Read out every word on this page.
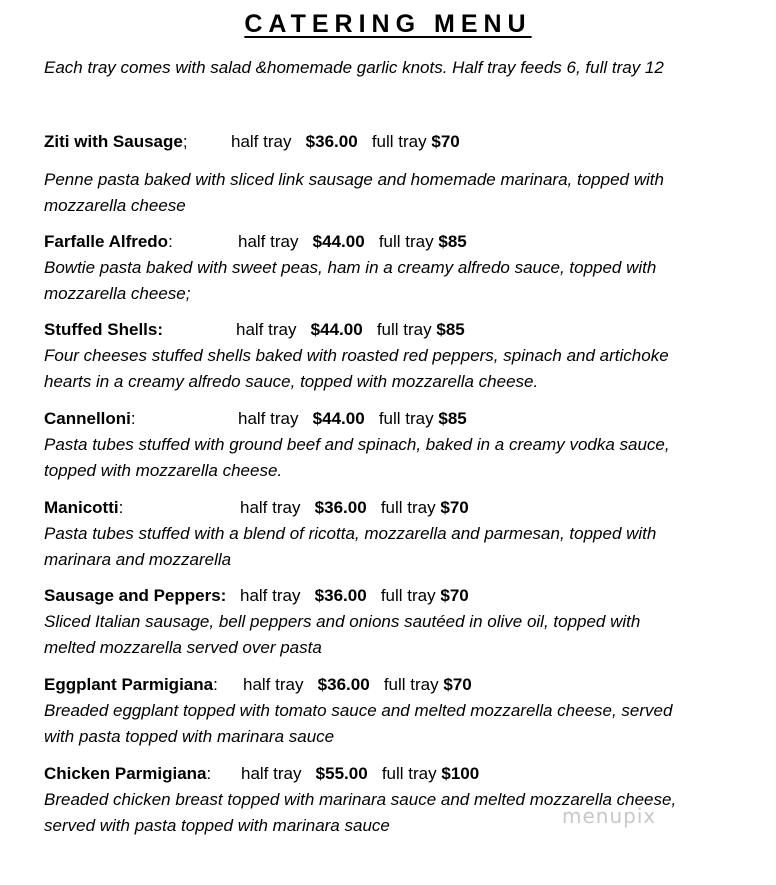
CATERING MENU
Each tray comes with salad &homemade garlic knots. Half tray feeds 6, full tray 12
Ziti with Sausage;	half tray $36.00 full tray $70
Penne pasta baked with sliced link sausage and homemade marinara, topped with
mozzarella cheese
Farfalle Alfredo:	half tray $44.00 full tray $85
Bowtie pasta baked with sweet peas, ham in a creamy alfredo sauce, topped with
mozzarella cheese;
Stuffed Shells:	half tray $44.00 full tray $85
Four cheeses stuffed shells baked with roasted red peppers, spinach and artichoke
hearts in a creamy alfredo sauce, topped with mozzarella cheese.
Cannelloni:	half tray $44.00 full tray $85
Pasta tubes stuffed with ground beef and spinach, baked in a creamy vodka sauce,
topped with mozzarella cheese.
Manicotti:	half tray $36.00 full tray $70
Pasta tubes stuffed with a blend of ricotta, mozzarella and parmesan, topped with
marinara and mozzarella
Sausage and Peppers: half tray $36.00 full tray $70
Sliced Italian sausage, bell peppers and onions sautéed in olive oil, topped with
melted mozzarella served over pasta
Eggplant Parmigiana: half tray $36.00 full tray $70
Breaded eggplant topped with tomato sauce and melted mozzarella cheese, served
with pasta topped with marinara sauce
Chicken Parmigiana: half tray $55.00 full tray $100
Breaded chicken breast topped with marinara sauce and melted mozzarella cheese,
served with pasta topped with marinara sauce	menupix
